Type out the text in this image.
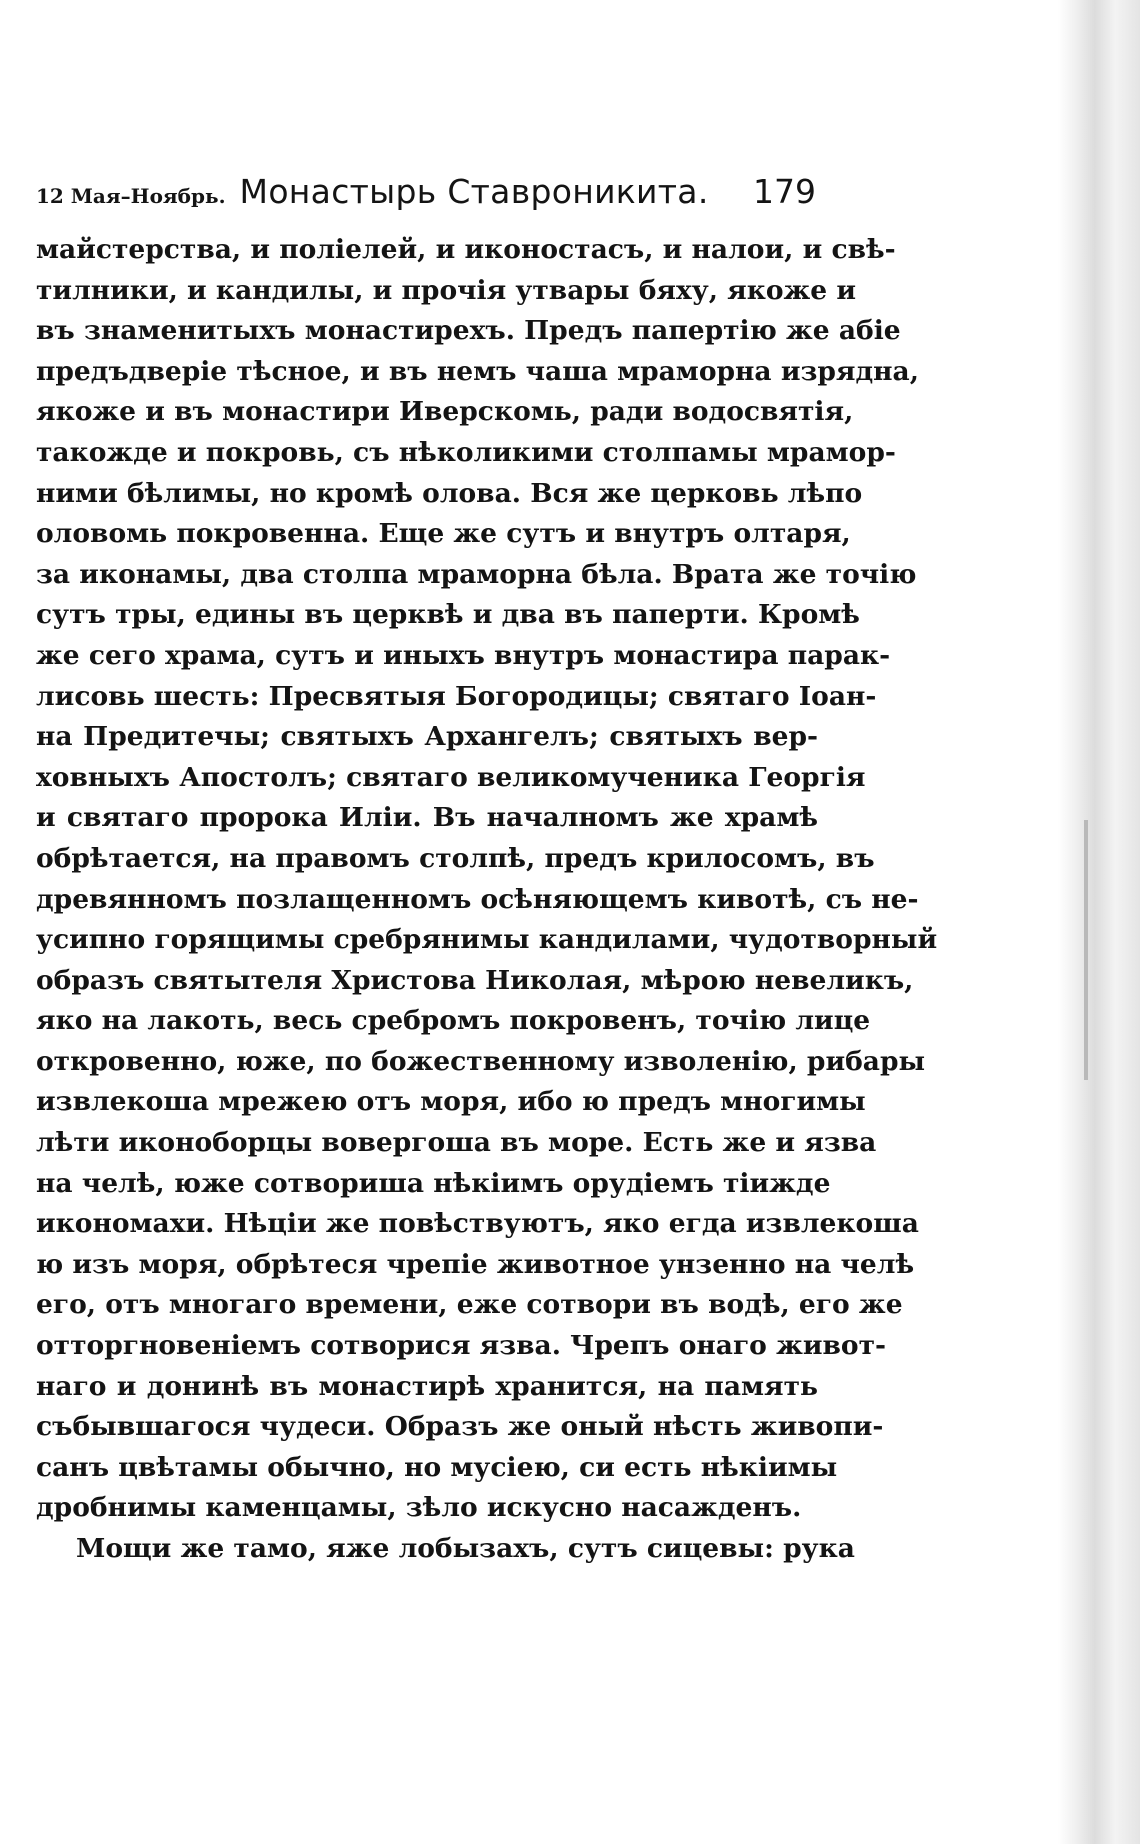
12 Мая–Ноябрь. Монастырь Ставроникита. 179
майстерства, и поліелей, и иконостасъ, и налои, и свѣ-
тилники, и кандилы, и прочія утвары бяху, якоже и
въ знаменитыхъ монастирехъ. Предъ папертію же абіе
предъдверіе тѣсное, и въ немъ чаша мраморна изрядна,
якоже и въ монастири Иверскомь, ради водосвятія,
такожде и покровь, съ нѣколикими столпамы мрамор-
ними бѣлимы, но кромѣ олова. Вся же церковь лѣпо
оловомь покровенна. Еще же сутъ и внутръ олтаря,
за иконамы, два столпа мраморна бѣла. Врата же точію
сутъ тры, едины въ церквѣ и два въ паперти. Кромѣ
же сего храма, сутъ и иныхъ внутръ монастира парак-
лисовь шесть: Пресвятыя Богородицы; святаго Іоан-
на Предитечы; святыхъ Архангелъ; святыхъ вер-
ховныхъ Апостолъ; святаго великомученика Георгія
и святаго пророка Иліи. Въ началномъ же храмѣ
обрѣтается, на правомъ столпѣ, предъ крилосомъ, въ
древянномъ позлащенномъ осѣняющемъ кивотѣ, съ не-
усипно горящимы сребрянимы кандилами, чудотворный
образъ святытеля Христова Николая, мѣрою невеликъ,
яко на лакоть, весь сребромъ покровенъ, точію лице
откровенно, юже, по божественному изволенію, рибары
извлекоша мрежею отъ моря, ибо ю предъ многимы
лѣти иконоборцы вовергоша въ море. Есть же и язва
на челѣ, юже сотвориша нѣкіимъ орудіемъ тіижде
икономахи. Нѣціи же повѣствуютъ, яко егда извлекоша
ю изъ моря, обрѣтеся чрепіе животное унзенно на челѣ
его, отъ многаго времени, еже сотвори въ водѣ, его же
отторгновеніемъ сотворися язва. Чрепъ онаго живот-
наго и донинѣ въ монастирѣ хранится, на память
събывшагося чудеси. Образъ же оный нѣсть живопи-
санъ цвѣтамы обычно, но мусіею, си есть нѣкіимы
дробнимы каменцамы, зѣло искусно насажденъ.
Мощи же тамо, яже лобызахъ, сутъ сицевы: рука
